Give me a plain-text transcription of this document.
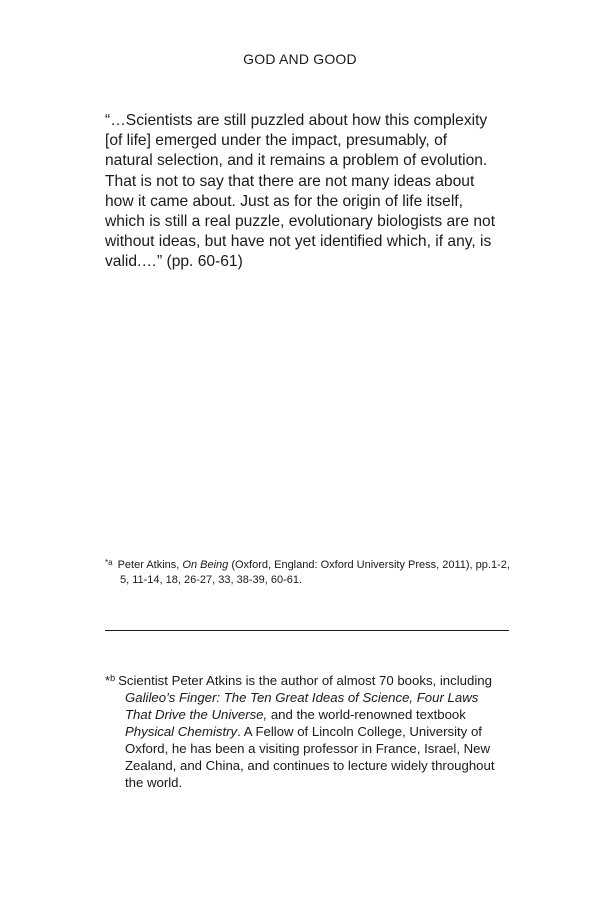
GOD AND GOOD

“…Scientists are still puzzled about how this complexity
[of life] emerged under the impact, presumably, of
natural selection, and it remains a problem of evolution.
That is not to say that there are not many ideas about
how it came about. Just as for the origin of life itself,
which is still a real puzzle, evolutionary biologists are not
without ideas, but have not yet identified which, if any, is
valid.…” (pp. 60-61)

$^{*a}$ Peter Atkins, On Being (Oxford, England: Oxford University Press, 2011), pp.1-2,
5, 11-14, 18, 26-27, 33, 38-39, 60-61.
*$^b$ Scientist Peter Atkins is the author of almost 70 books, including
Galileo’s Finger: The Ten Great Ideas of Science, Four Laws
That Drive the Universe, and the world-renowned textbook
Physical Chemistry. A Fellow of Lincoln College, University of
Oxford, he has been a visiting professor in France, Israel, New
Zealand, and China, and continues to lecture widely throughout
the world.
